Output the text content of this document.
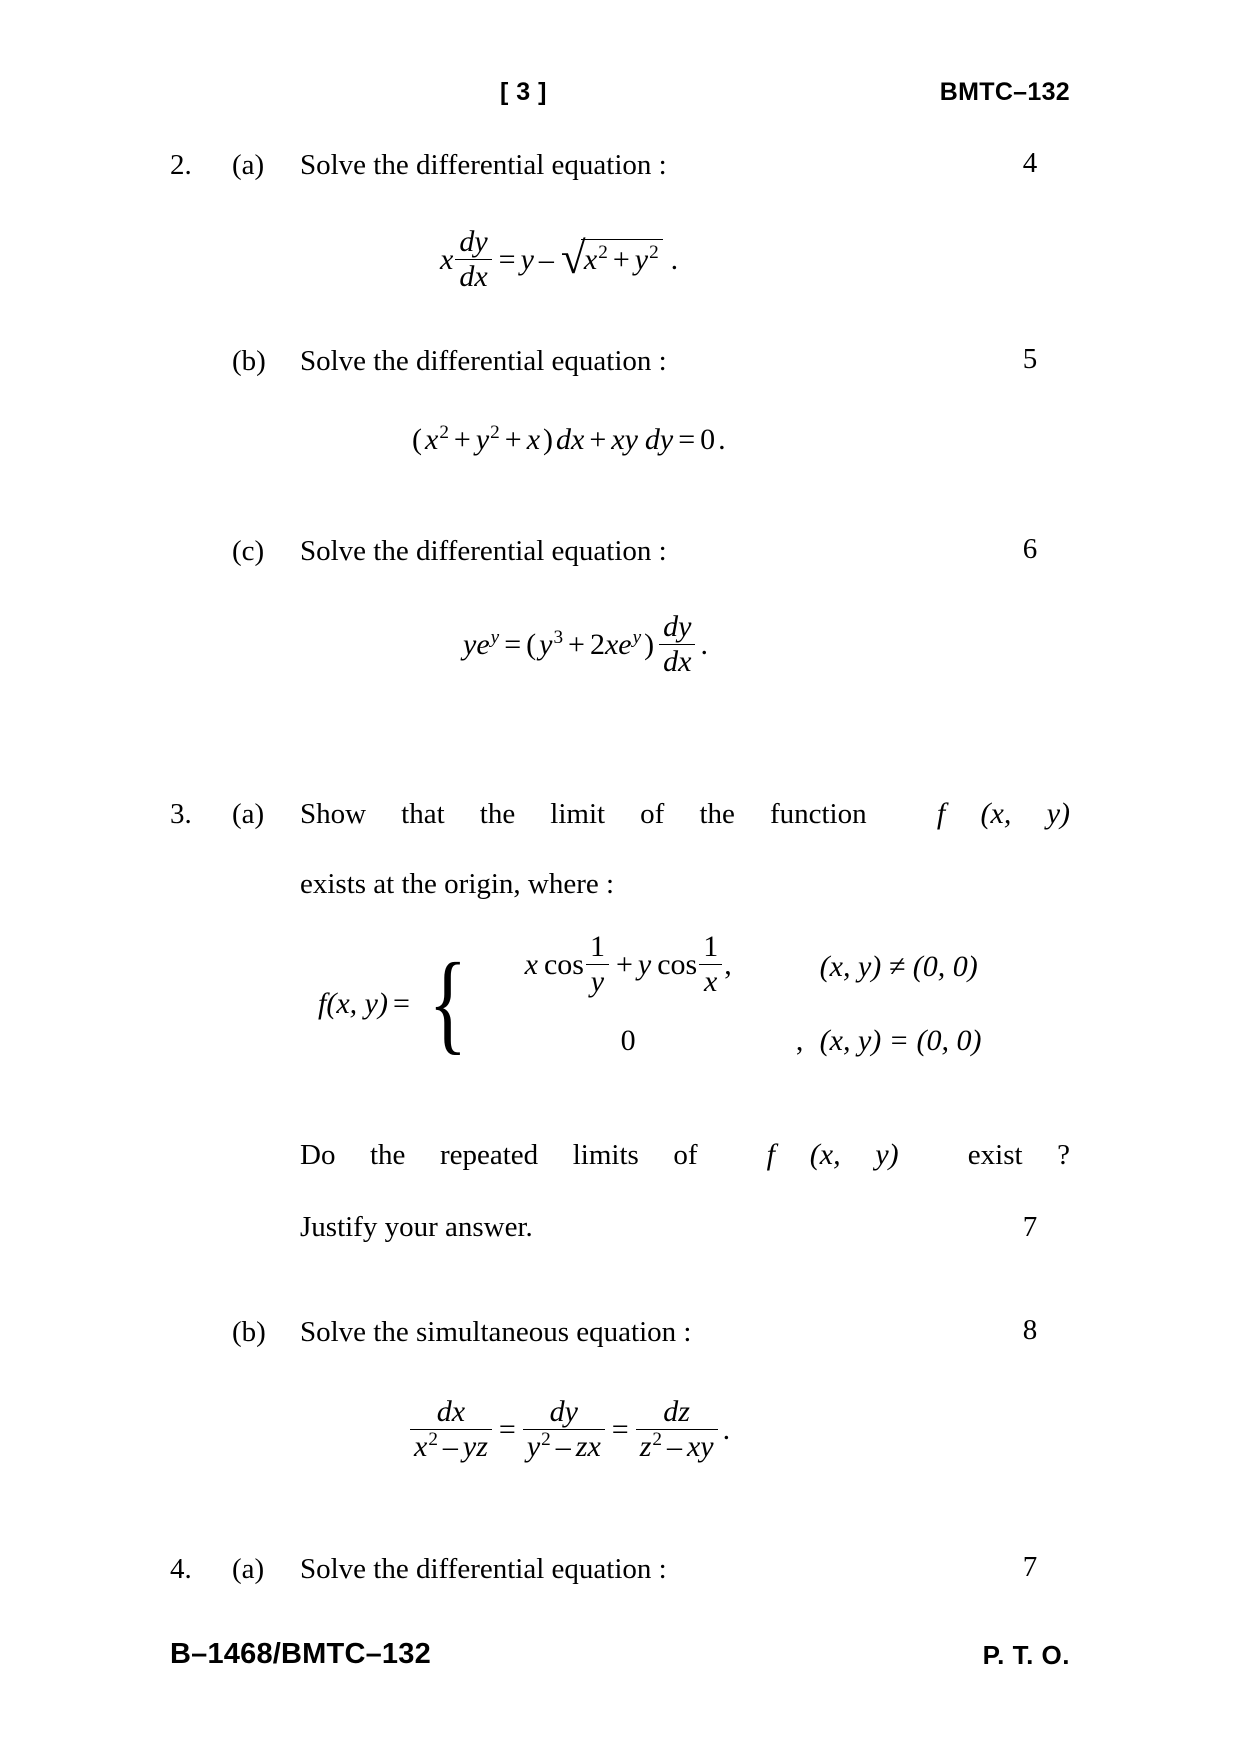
[ 3 ]	BMTC–132
2.	(a)	Solve the differential equation :	4
x $\frac{dy}{dx} = y$ – √
$x^2 + y^2$ .
(b)	Solve the differential equation :	5
( $x^2 + y^2 + x$ ) dx + xy dy = 0 .
(c)	Solve the differential equation :	6
$ye^y$ = ( $y^3 + 2xe^y$ ) $\frac{dy}{dx}$ .
3.	(a)	Show that the limit of the function f (x, y)
exists at the origin, where :
f(x, y) = {	x $\cos \frac{1}{y} + y$ $\cos \frac{1}{x}$ ,	(x, y) ≠ (0, 0)
0	, (x, y) = (0, 0)
Do the repeated limits of f (x, y) exist ?
Justify your answer.	7
(b)	Solve the simultaneous equation :	8
$\frac{dx}{x^2 - yz} = \frac{dy}{y^2 - zx} = \frac{dz}{z^2 - xy}$ .
4.	(a)	Solve the differential equation :	7
B–1468/BMTC–132	P. T. O.
